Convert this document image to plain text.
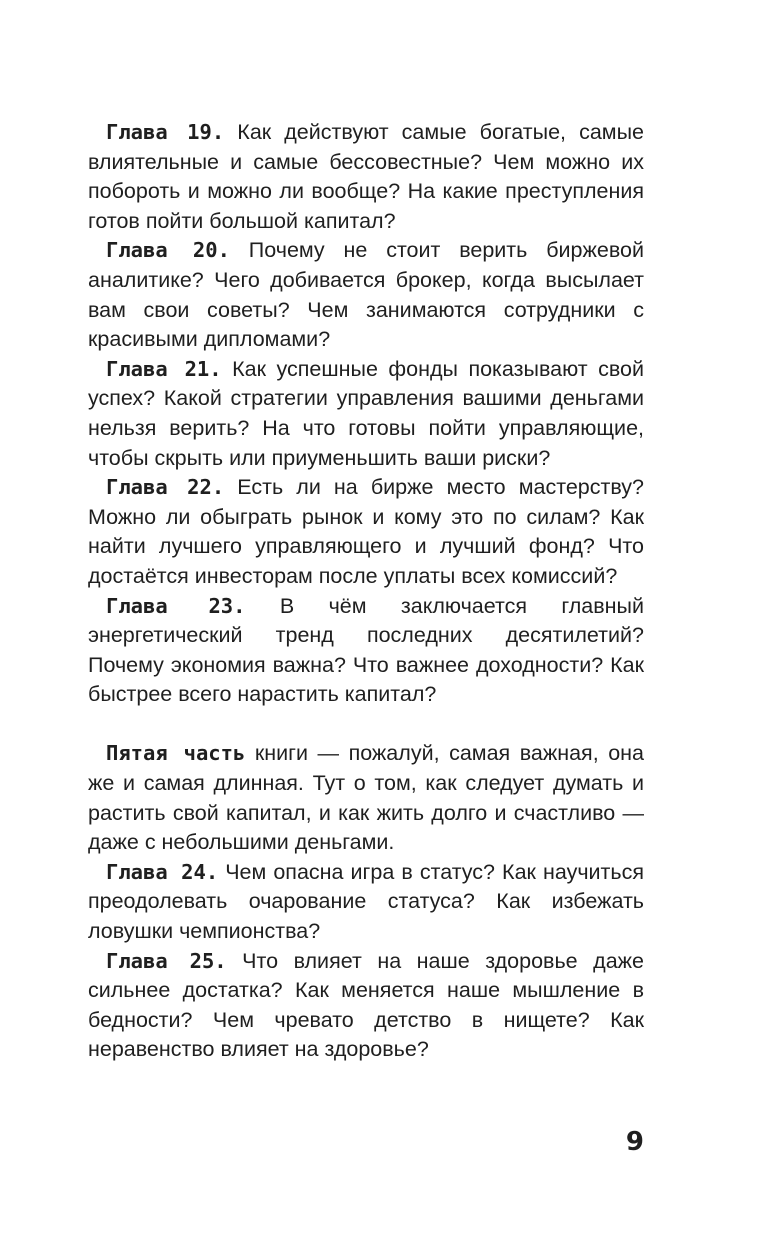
Глава 19. Как действуют самые богатые, самые влиятельные и самые бессовестные? Чем можно их побороть и можно ли вообще? На какие преступления готов пойти большой капитал?

Глава 20. Почему не стоит верить биржевой аналитике? Чего добивается брокер, когда высылает вам свои советы? Чем занимаются сотрудники с красивыми дипломами?

Глава 21. Как успешные фонды показывают свой успех? Какой стратегии управления вашими деньгами нельзя верить? На что готовы пойти управляющие, чтобы скрыть или приуменьшить ваши риски?

Глава 22. Есть ли на бирже место мастерству? Можно ли обыграть рынок и кому это по силам? Как найти лучшего управляющего и лучший фонд? Что достаётся инвесторам после уплаты всех комиссий?

Глава 23. В чём заключается главный энергетический тренд последних десятилетий? Почему экономия важна? Что важнее доходности? Как быстрее всего нарастить капитал?

Пятая часть книги — пожалуй, самая важная, она же и самая длинная. Тут о том, как следует думать и растить свой капитал, и как жить долго и счастливо — даже с небольшими деньгами.

Глава 24. Чем опасна игра в статус? Как научиться преодолевать очарование статуса? Как избежать ловушки чемпионства?

Глава 25. Что влияет на наше здоровье даже сильнее достатка? Как меняется наше мышление в бедности? Чем чревато детство в нищете? Как неравенство влияет на здоровье?

9
